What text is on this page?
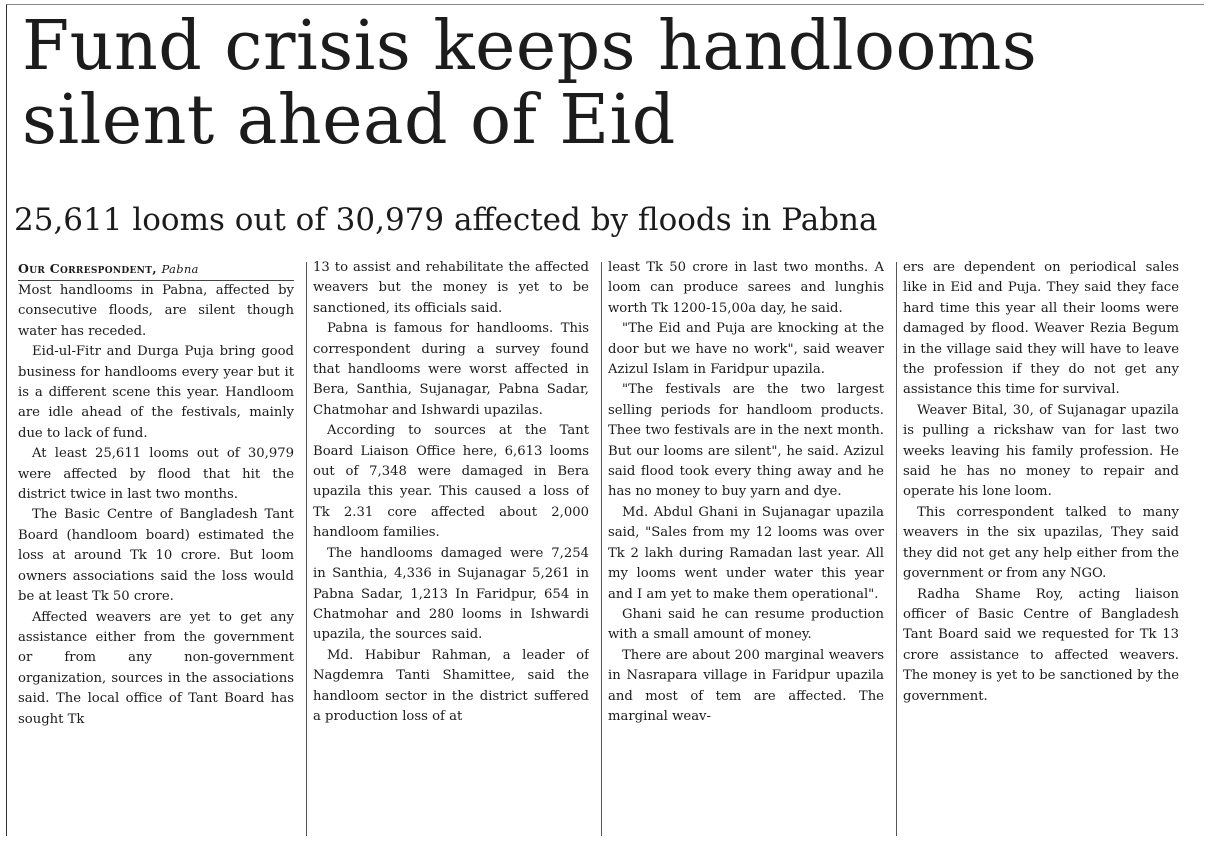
Fund crisis keeps handlooms
silent ahead of Eid
25,611 looms out of 30,979 affected by floods in Pabna

Our Correspondent, Pabna

Most handlooms in Pabna, affected by consecutive floods, are silent though water has receded.

Eid-ul-Fitr and Durga Puja bring good business for handlooms every year but it is a different scene this year. Handloom are idle ahead of the festivals, mainly due to lack of fund.

At least 25,611 looms out of 30,979 were affected by flood that hit the district twice in last two months.

The Basic Centre of Bangladesh Tant Board (handloom board) estimated the loss at around Tk 10 crore. But loom owners associations said the loss would be at least Tk 50 crore.

Affected weavers are yet to get any assistance either from the government or from any non-government organization, sources in the associations said. The local office of Tant Board has sought Tk

13 to assist and rehabilitate the affected weavers but the money is yet to be sanctioned, its officials said.

Pabna is famous for handlooms. This correspondent during a survey found that handlooms were worst affected in Bera, Santhia, Sujanagar, Pabna Sadar, Chatmohar and Ishwardi upazilas.

According to sources at the Tant Board Liaison Office here, 6,613 looms out of 7,348 were damaged in Bera upazila this year. This caused a loss of Tk 2.31 core affected about 2,000 handloom families.

The handlooms damaged were 7,254 in Santhia, 4,336 in Sujanagar 5,261 in Pabna Sadar, 1,213 In Faridpur, 654 in Chatmohar and 280 looms in Ishwardi upazila, the sources said.

Md. Habibur Rahman, a leader of Nagdemra Tanti Shamittee, said the handloom sector in the district suffered a production loss of at

least Tk 50 crore in last two months. A loom can produce sarees and lunghis worth Tk 1200-15,00a day, he said.

"The Eid and Puja are knocking at the door but we have no work", said weaver Azizul Islam in Faridpur upazila.

"The festivals are the two largest selling periods for handloom products. Thee two festivals are in the next month. But our looms are silent", he said. Azizul said flood took every thing away and he has no money to buy yarn and dye.

Md. Abdul Ghani in Sujanagar upazila said, "Sales from my 12 looms was over Tk 2 lakh during Ramadan last year. All my looms went under water this year and I am yet to make them operational".

Ghani said he can resume production with a small amount of money.

There are about 200 marginal weavers in Nasrapara village in Faridpur upazila and most of tem are affected. The marginal weav-

ers are dependent on periodical sales like in Eid and Puja. They said they face hard time this year all their looms were damaged by flood. Weaver Rezia Begum in the village said they will have to leave the profession if they do not get any assistance this time for survival.

Weaver Bital, 30, of Sujanagar upazila is pulling a rickshaw van for last two weeks leaving his family profession. He said he has no money to repair and operate his lone loom.

This correspondent talked to many weavers in the six upazilas, They said they did not get any help either from the government or from any NGO.

Radha Shame Roy, acting liaison officer of Basic Centre of Bangladesh Tant Board said we requested for Tk 13 crore assistance to affected weavers. The money is yet to be sanctioned by the government.
